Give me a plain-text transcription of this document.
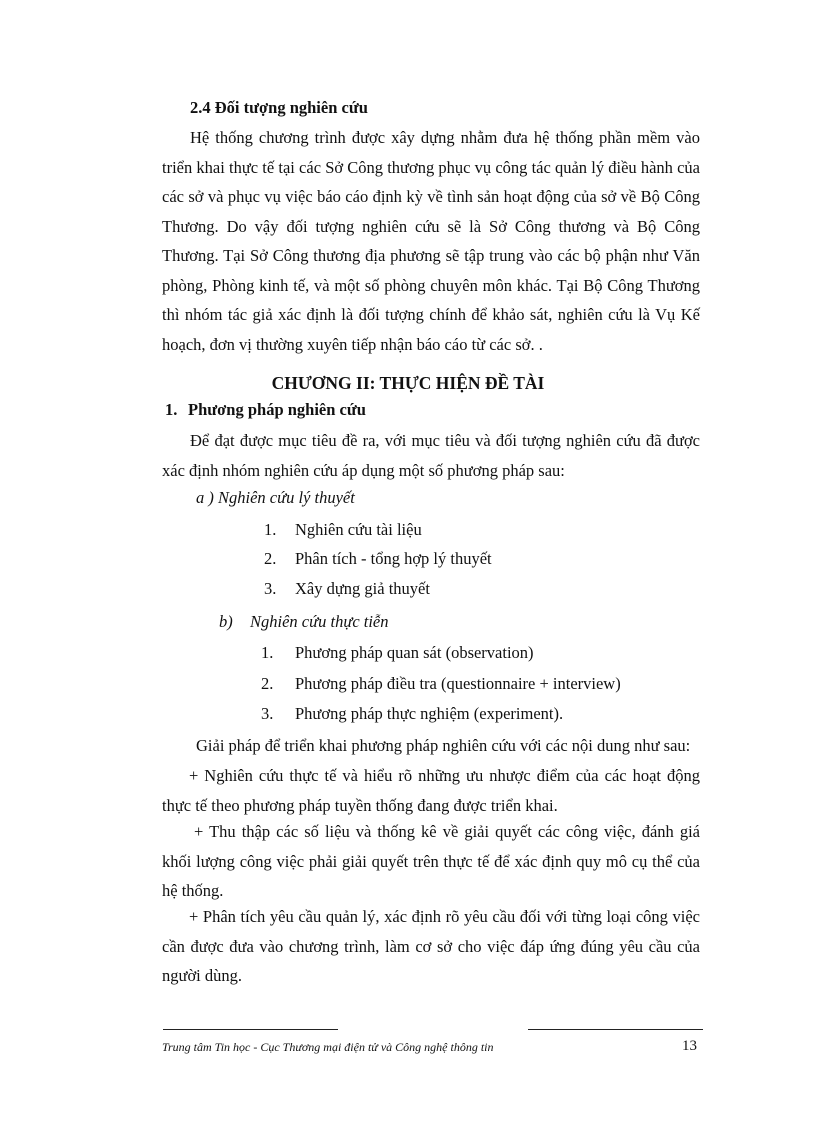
2.4 Đối tượng nghiên cứu
Hệ thống chương trình được xây dựng nhằm đưa hệ thống phần mềm vào triển khai thực tế tại các Sở Công thương phục vụ công tác quản lý điều hành của các sở và phục vụ việc báo cáo định kỳ về tình sản hoạt động của sở về Bộ Công Thương. Do vậy đối tượng nghiên cứu sẽ là Sở Công thương và Bộ Công Thương. Tại Sở Công thương địa phương sẽ tập trung vào các bộ phận như Văn phòng, Phòng kinh tế, và một số phòng chuyên môn khác. Tại Bộ Công Thương thì nhóm tác giả xác định là đối tượng chính để khảo sát, nghiên cứu là Vụ Kế hoạch, đơn vị thường xuyên tiếp nhận báo cáo từ các sở. .
CHƯƠNG II: THỰC HIỆN ĐỀ TÀI
1. Phương pháp nghiên cứu
Để đạt được mục tiêu đề ra, với mục tiêu và đối tượng nghiên cứu đã được xác định nhóm nghiên cứu áp dụng một số phương pháp sau:
a ) Nghiên cứu lý thuyết
1. Nghiên cứu tài liệu
2. Phân tích - tổng hợp lý thuyết
3. Xây dựng giả thuyết
b) Nghiên cứu thực tiễn
1. Phương pháp quan sát (observation)
2. Phương pháp điều tra (questionnaire + interview)
3. Phương pháp thực nghiệm (experiment).
Giải pháp để triển khai phương pháp nghiên cứu với các nội dung như sau:
+ Nghiên cứu thực tế và hiểu rõ những ưu nhược điểm của các hoạt động thực tế theo phương pháp tuyền thống đang được triển khai.
+ Thu thập các số liệu và thống kê về giải quyết các công việc, đánh giá khối lượng công việc phải giải quyết trên thực tế để xác định quy mô cụ thể của hệ thống.
+ Phân tích yêu cầu quản lý, xác định rõ yêu cầu đối với từng loại công việc cần được đưa vào chương trình, làm cơ sở cho việc đáp ứng đúng yêu cầu của người dùng.
Trung tâm Tin học - Cục Thương mại điện tử và Công nghệ thông tin	13
